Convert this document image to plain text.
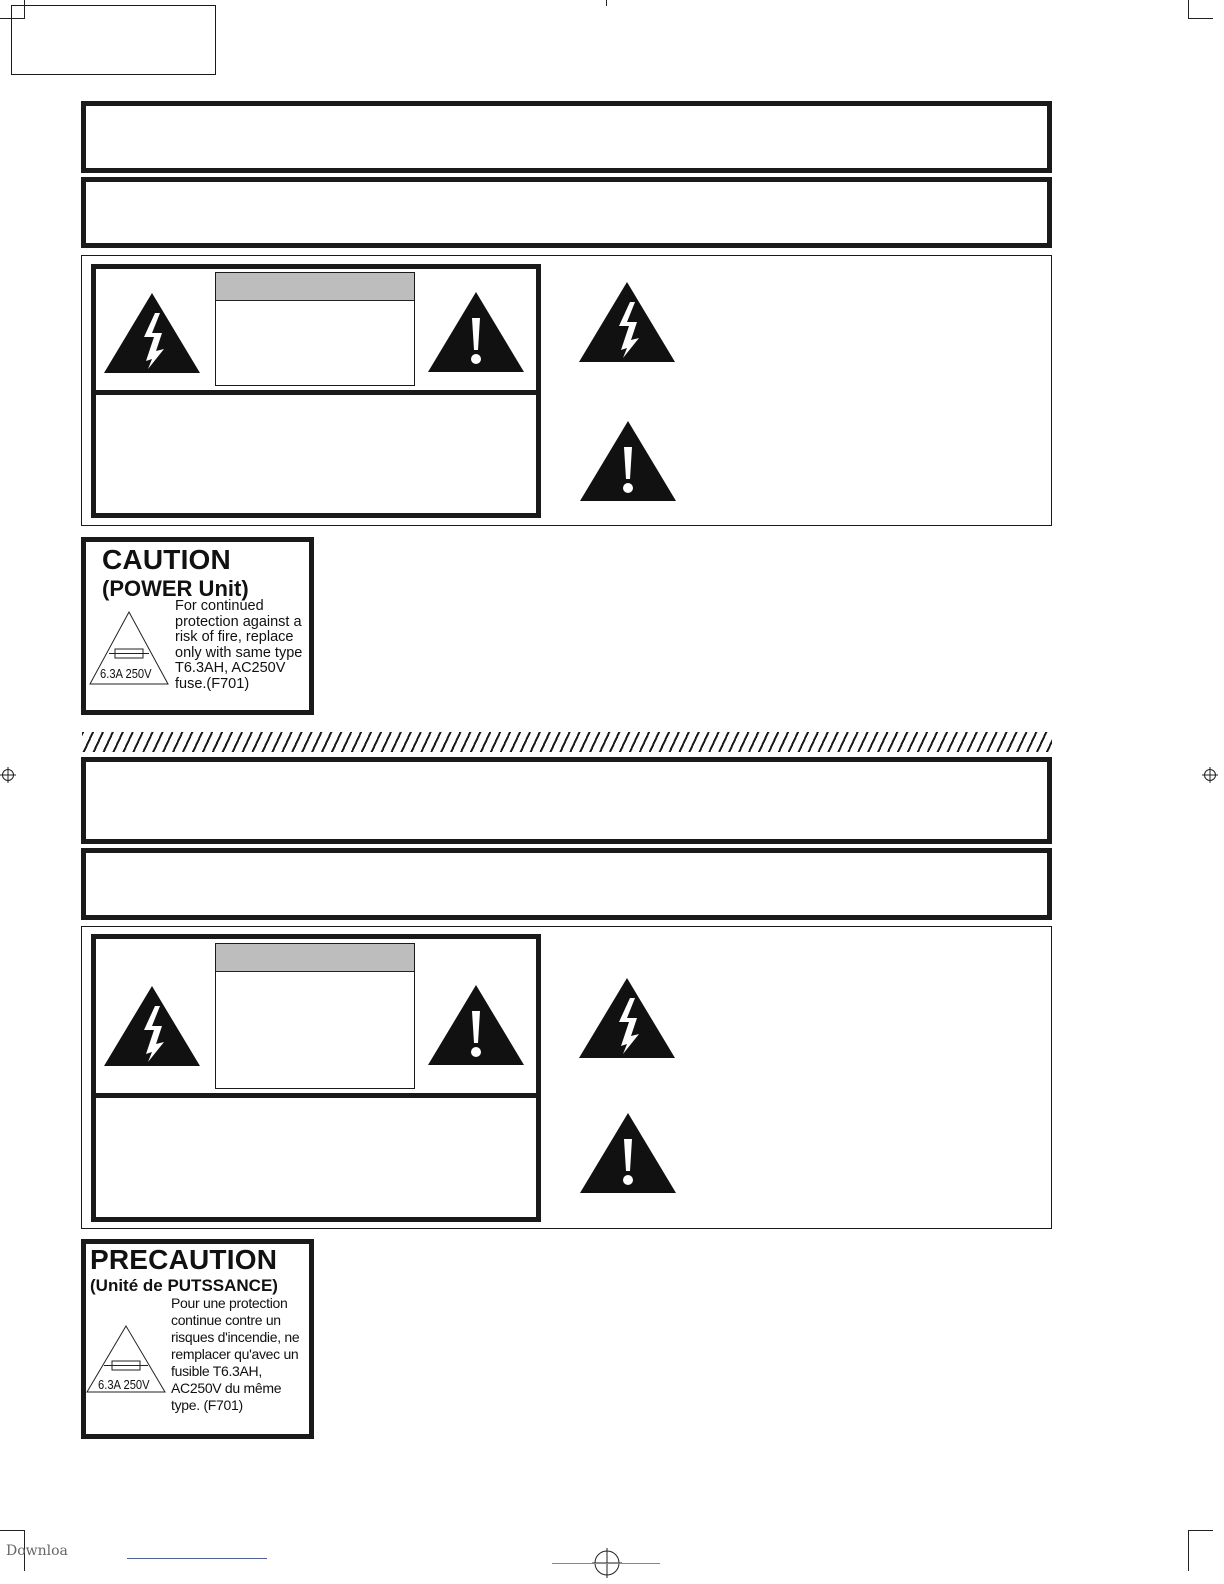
CAUTION
(POWER Unit)
For continued protection against a risk of fire, replace only with same type T6.3AH, AC250V fuse.(F701)
6.3A 250V
PRECAUTION
(Unité de PUTSSANCE)
Pour une protection continue contre un risques d'incendie, ne remplacer qu'avec un fusible T6.3AH, AC250V du même type. (F701)
6.3A 250V
Downloa
